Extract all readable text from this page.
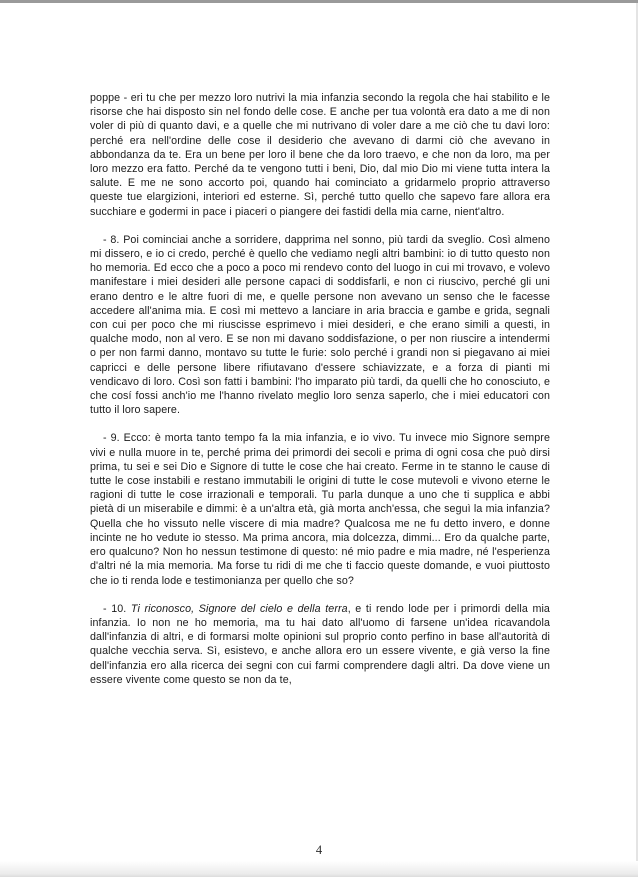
poppe - eri tu che per mezzo loro nutrivi la mia infanzia secondo la regola che hai stabilito e le risorse che hai disposto sin nel fondo delle cose. E anche per tua volontà era dato a me di non voler di più di quanto davi, e a quelle che mi nutrivano di voler dare a me ciò che tu davi loro: perché era nell'ordine delle cose il desiderio che avevano di darmi ciò che avevano in abbondanza da te. Era un bene per loro il bene che da loro traevo, e che non da loro, ma per loro mezzo era fatto. Perché da te vengono tutti i beni, Dio, dal mio Dio mi viene tutta intera la salute. E me ne sono accorto poi, quando hai cominciato a gridarmelo proprio attraverso queste tue elargizioni, interiori ed esterne. Sì, perché tutto quello che sapevo fare allora era succhiare e godermi in pace i piaceri o piangere dei fastidi della mia carne, nient'altro.

- 8. Poi cominciai anche a sorridere, dapprima nel sonno, più tardi da sveglio. Così almeno mi dissero, e io ci credo, perché è quello che vediamo negli altri bambini: io di tutto questo non ho memoria. Ed ecco che a poco a poco mi rendevo conto del luogo in cui mi trovavo, e volevo manifestare i miei desideri alle persone capaci di soddisfarli, e non ci riuscivo, perché gli uni erano dentro e le altre fuori di me, e quelle persone non avevano un senso che le facesse accedere all'anima mia. E così mi mettevo a lanciare in aria braccia e gambe e grida, segnali con cui per poco che mi riuscisse esprimevo i miei desideri, e che erano simili a questi, in qualche modo, non al vero. E se non mi davano soddisfazione, o per non riuscire a intendermi o per non farmi danno, montavo su tutte le furie: solo perché i grandi non si piegavano ai miei capricci e delle persone libere rifiutavano d'essere schiavizzate, e a forza di pianti mi vendicavo di loro. Così son fatti i bambini: l'ho imparato più tardi, da quelli che ho conosciuto, e che cosí fossi anch'io me l'hanno rivelato meglio loro senza saperlo, che i miei educatori con tutto il loro sapere.

- 9. Ecco: è morta tanto tempo fa la mia infanzia, e io vivo. Tu invece mio Signore sempre vivi e nulla muore in te, perché prima dei primordi dei secoli e prima di ogni cosa che può dirsi prima, tu sei e sei Dio e Signore di tutte le cose che hai creato. Ferme in te stanno le cause di tutte le cose instabili e restano immutabili le origini di tutte le cose mutevoli e vivono eterne le ragioni di tutte le cose irrazionali e temporali. Tu parla dunque a uno che ti supplica e abbi pietà di un miserabile e dimmi: è a un'altra età, già morta anch'essa, che seguì la mia infanzia? Quella che ho vissuto nelle viscere di mia madre? Qualcosa me ne fu detto invero, e donne incinte ne ho vedute io stesso. Ma prima ancora, mia dolcezza, dimmi... Ero da qualche parte, ero qualcuno? Non ho nessun testimone di questo: né mio padre e mia madre, né l'esperienza d'altri né la mia memoria. Ma forse tu ridi di me che ti faccio queste domande, e vuoi piuttosto che io ti renda lode e testimonianza per quello che so?

- 10. Ti riconosco, Signore del cielo e della terra, e ti rendo lode per i primordi della mia infanzia. Io non ne ho memoria, ma tu hai dato all'uomo di farsene un'idea ricavandola dall'infanzia di altri, e di formarsi molte opinioni sul proprio conto perfino in base all'autorità di qualche vecchia serva. Sì, esistevo, e anche allora ero un essere vivente, e già verso la fine dell'infanzia ero alla ricerca dei segni con cui farmi comprendere dagli altri. Da dove viene un essere vivente come questo se non da te,

4
